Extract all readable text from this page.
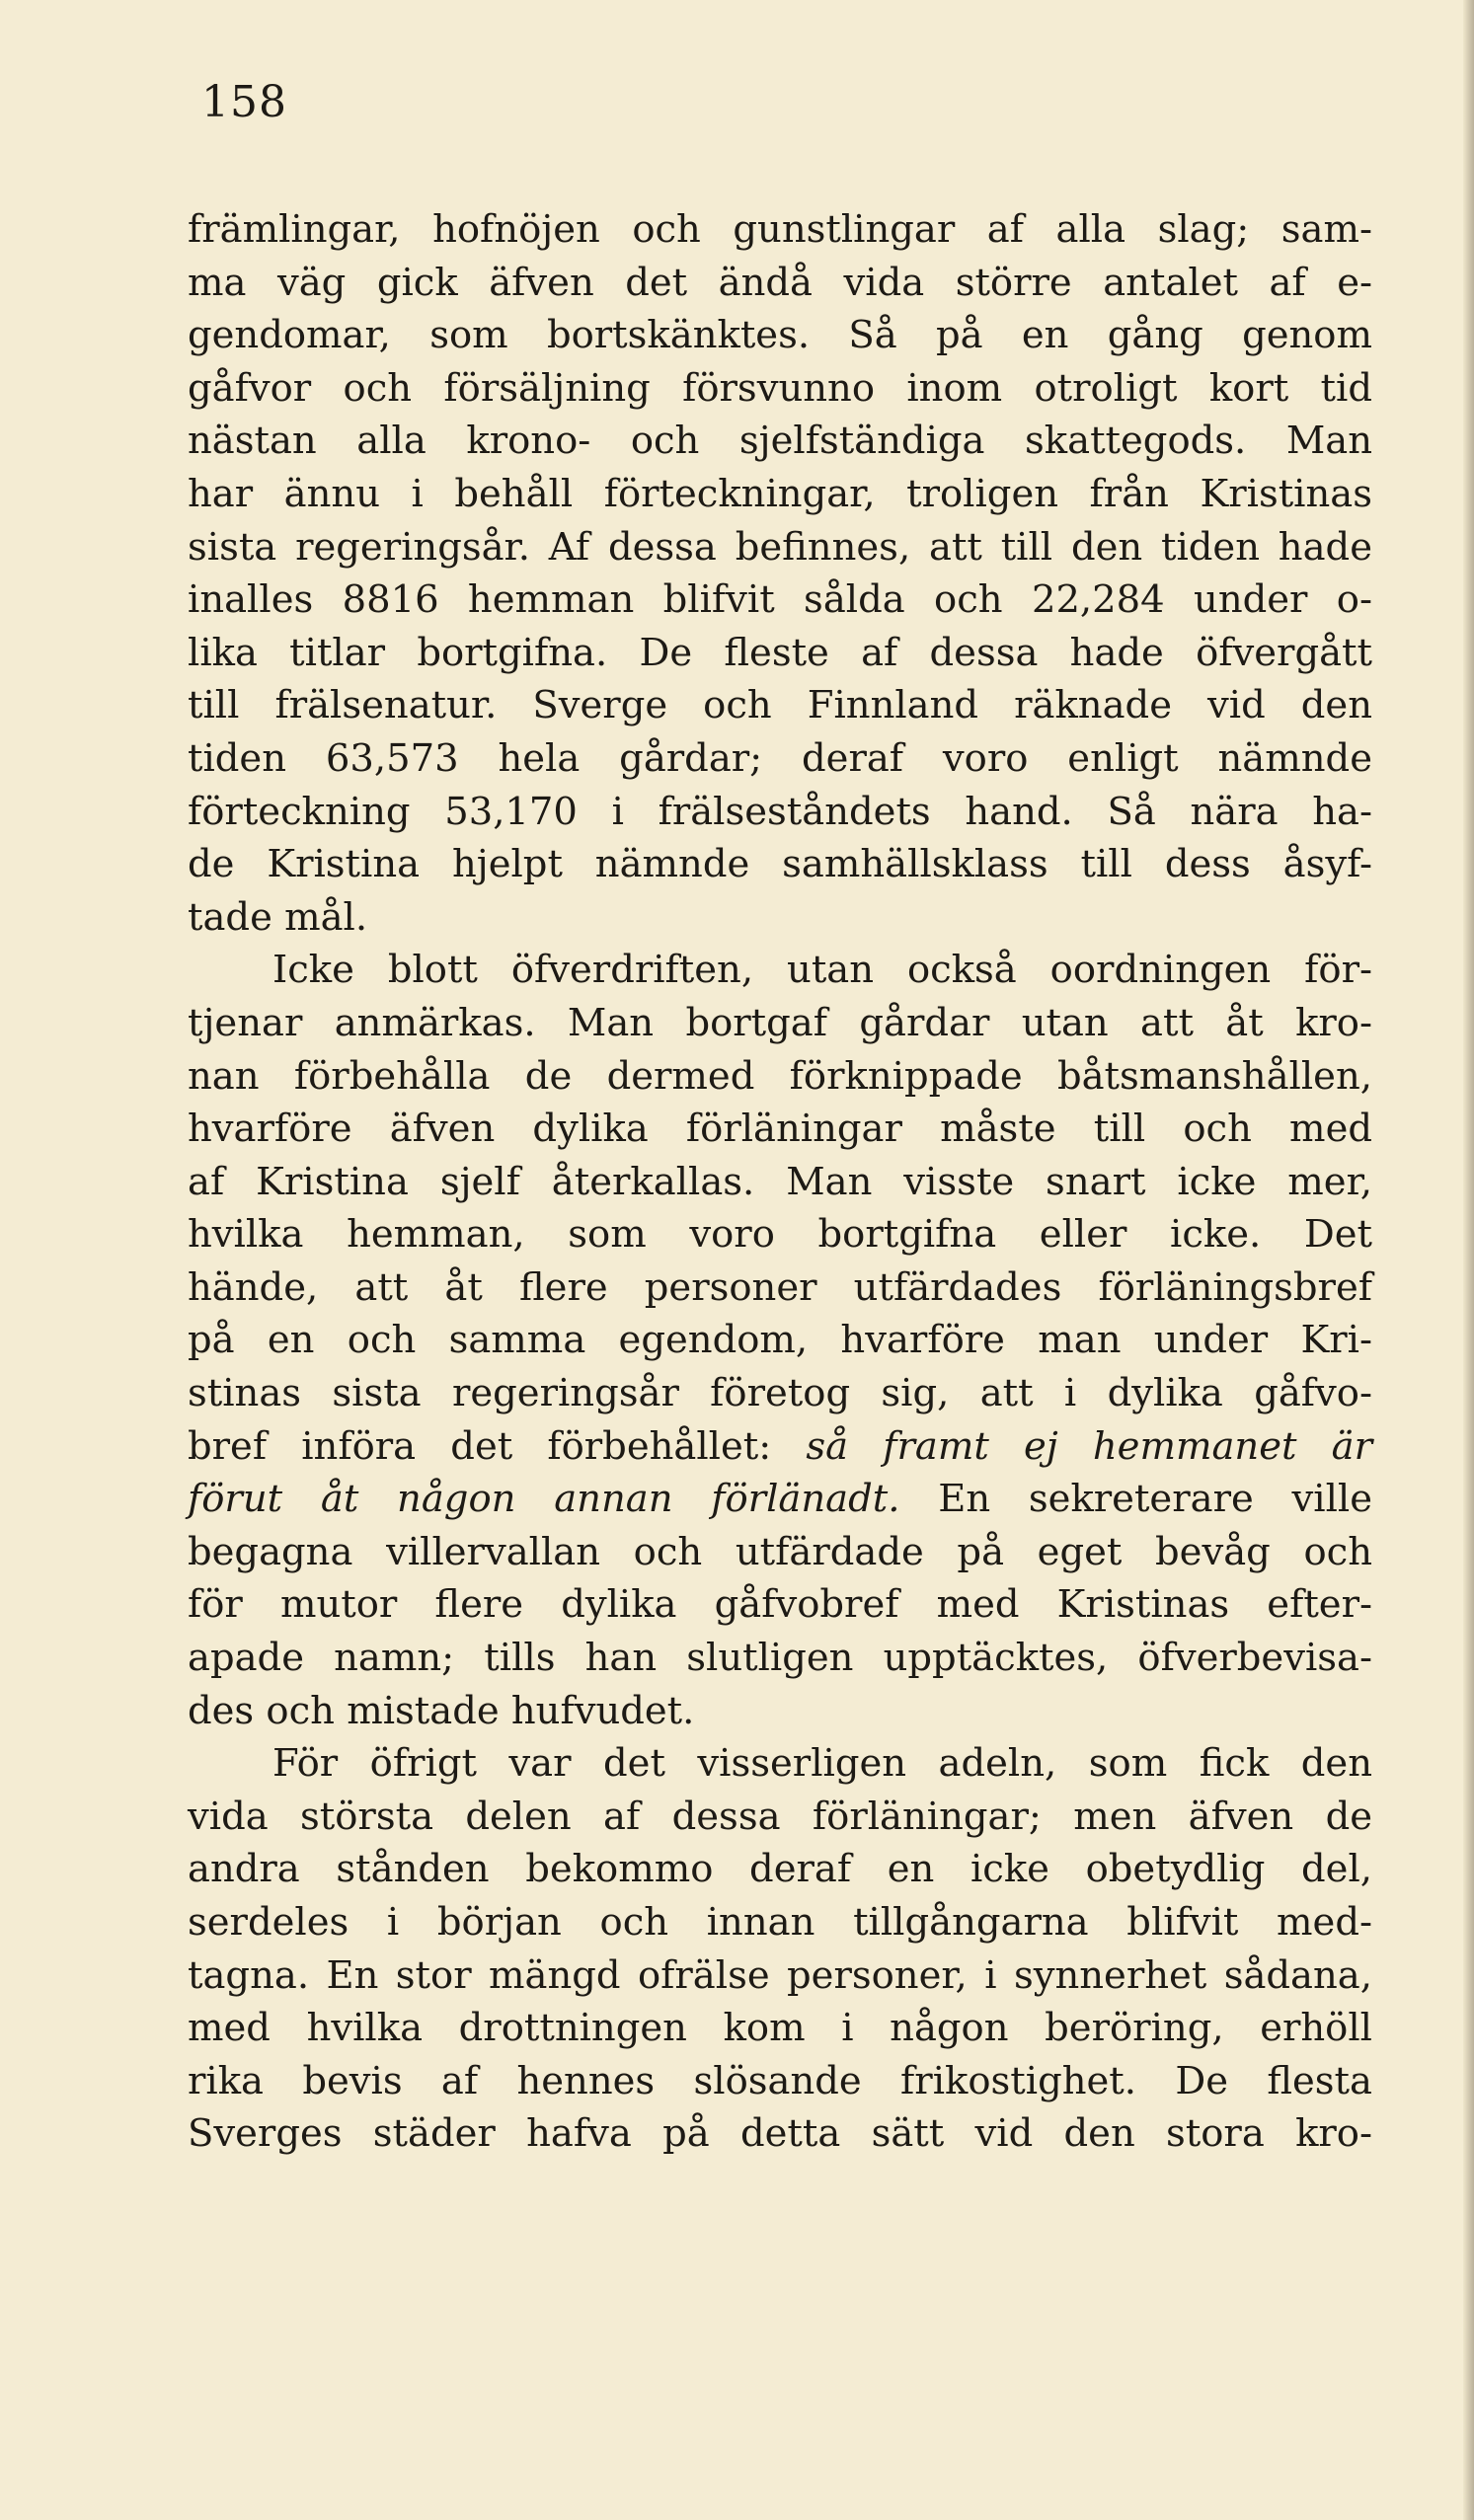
158
främlingar, hofnöjen och gunstlingar af alla slag; sam-
ma väg gick äfven det ändå vida större antalet af e-
gendomar, som bortskänktes. Så på en gång genom
gåfvor och försäljning försvunno inom otroligt kort tid
nästan alla krono- och sjelfständiga skattegods. Man
har ännu i behåll förteckningar, troligen från Kristinas
sista regeringsår. Af dessa befinnes, att till den tiden hade
inalles 8816 hemman blifvit sålda och 22,284 under o-
lika titlar bortgifna. De fleste af dessa hade öfvergått
till frälsenatur. Sverge och Finnland räknade vid den
tiden 63,573 hela gårdar; deraf voro enligt nämnde
förteckning 53,170 i frälseståndets hand. Så nära ha-
de Kristina hjelpt nämnde samhällsklass till dess åsyf-
tade mål.
Icke blott öfverdriften, utan också oordningen för-
tjenar anmärkas. Man bortgaf gårdar utan att åt kro-
nan förbehålla de dermed förknippade båtsmanshållen,
hvarföre äfven dylika förläningar måste till och med
af Kristina sjelf återkallas. Man visste snart icke mer,
hvilka hemman, som voro bortgifna eller icke. Det
hände, att åt flere personer utfärdades förläningsbref
på en och samma egendom, hvarföre man under Kri-
stinas sista regeringsår företog sig, att i dylika gåfvo-
bref införa det förbehållet: så framt ej hemmanet är
förut åt någon annan förlänadt. En sekreterare ville
begagna villervallan och utfärdade på eget bevåg och
för mutor flere dylika gåfvobref med Kristinas efter-
apade namn; tills han slutligen upptäcktes, öfverbevisa-
des och mistade hufvudet.
För öfrigt var det visserligen adeln, som fick den
vida största delen af dessa förläningar; men äfven de
andra stånden bekommo deraf en icke obetydlig del,
serdeles i början och innan tillgångarna blifvit med-
tagna. En stor mängd ofrälse personer, i synnerhet sådana,
med hvilka drottningen kom i någon beröring, erhöll
rika bevis af hennes slösande frikostighet. De flesta
Sverges städer hafva på detta sätt vid den stora kro-
